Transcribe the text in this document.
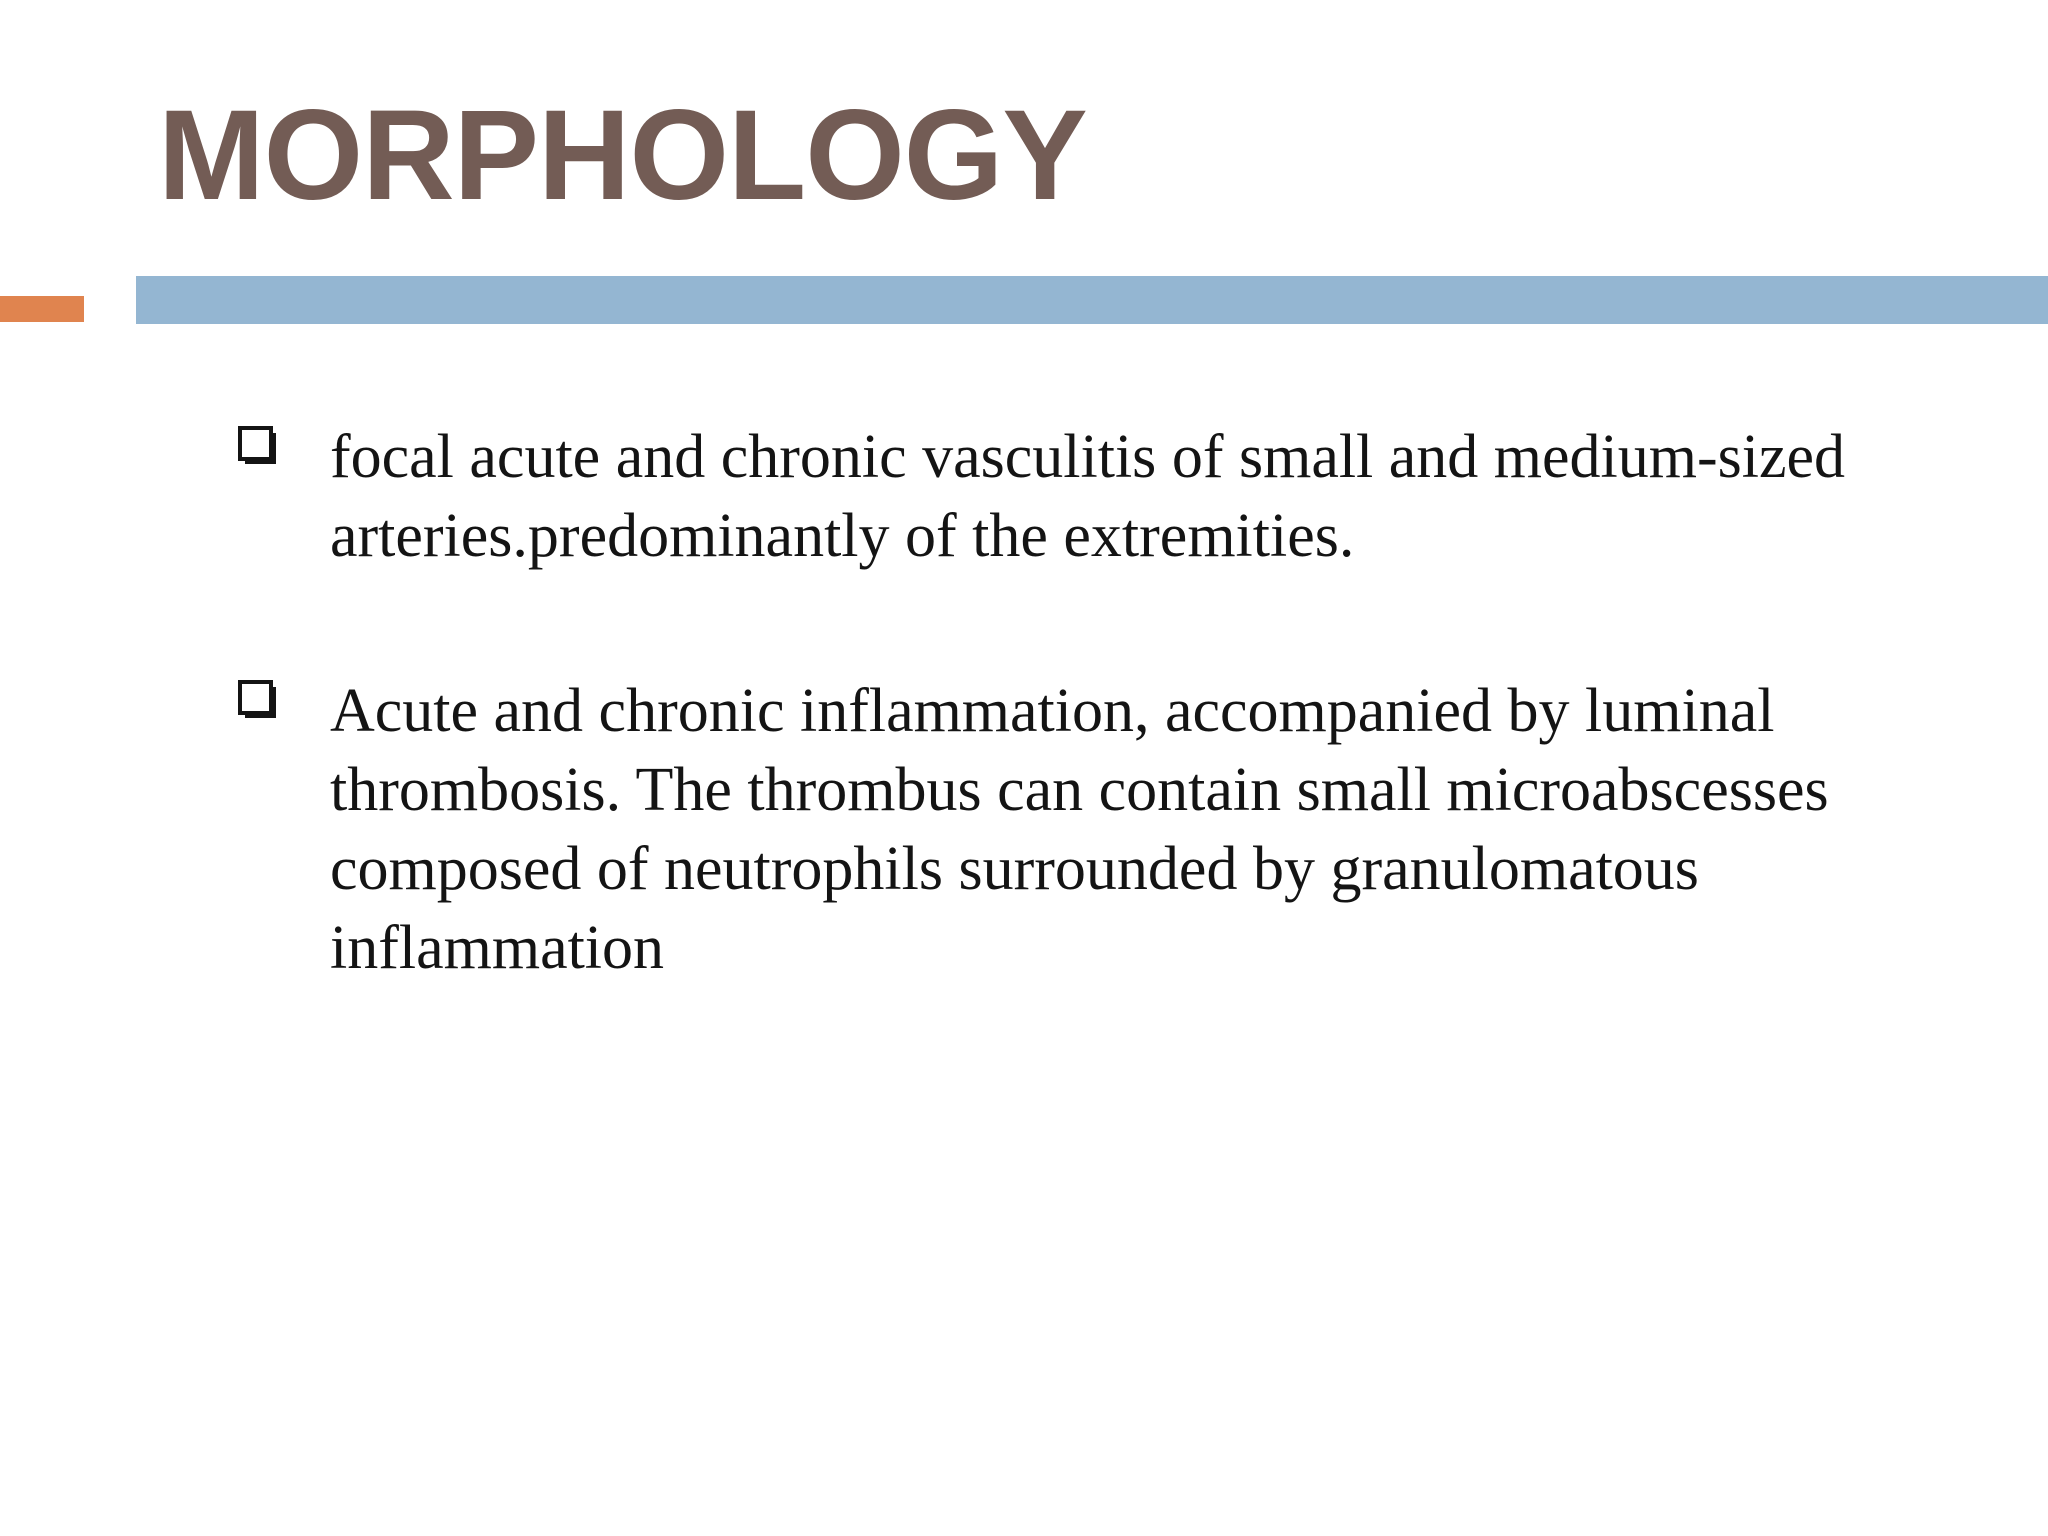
MORPHOLOGY
focal acute and chronic vasculitis of small and medium-sized arteries.predominantly of the extremities.
Acute and chronic inflammation, accompanied by luminal thrombosis. The thrombus can contain small microabscesses composed of neutrophils surrounded by granulomatous inflammation
